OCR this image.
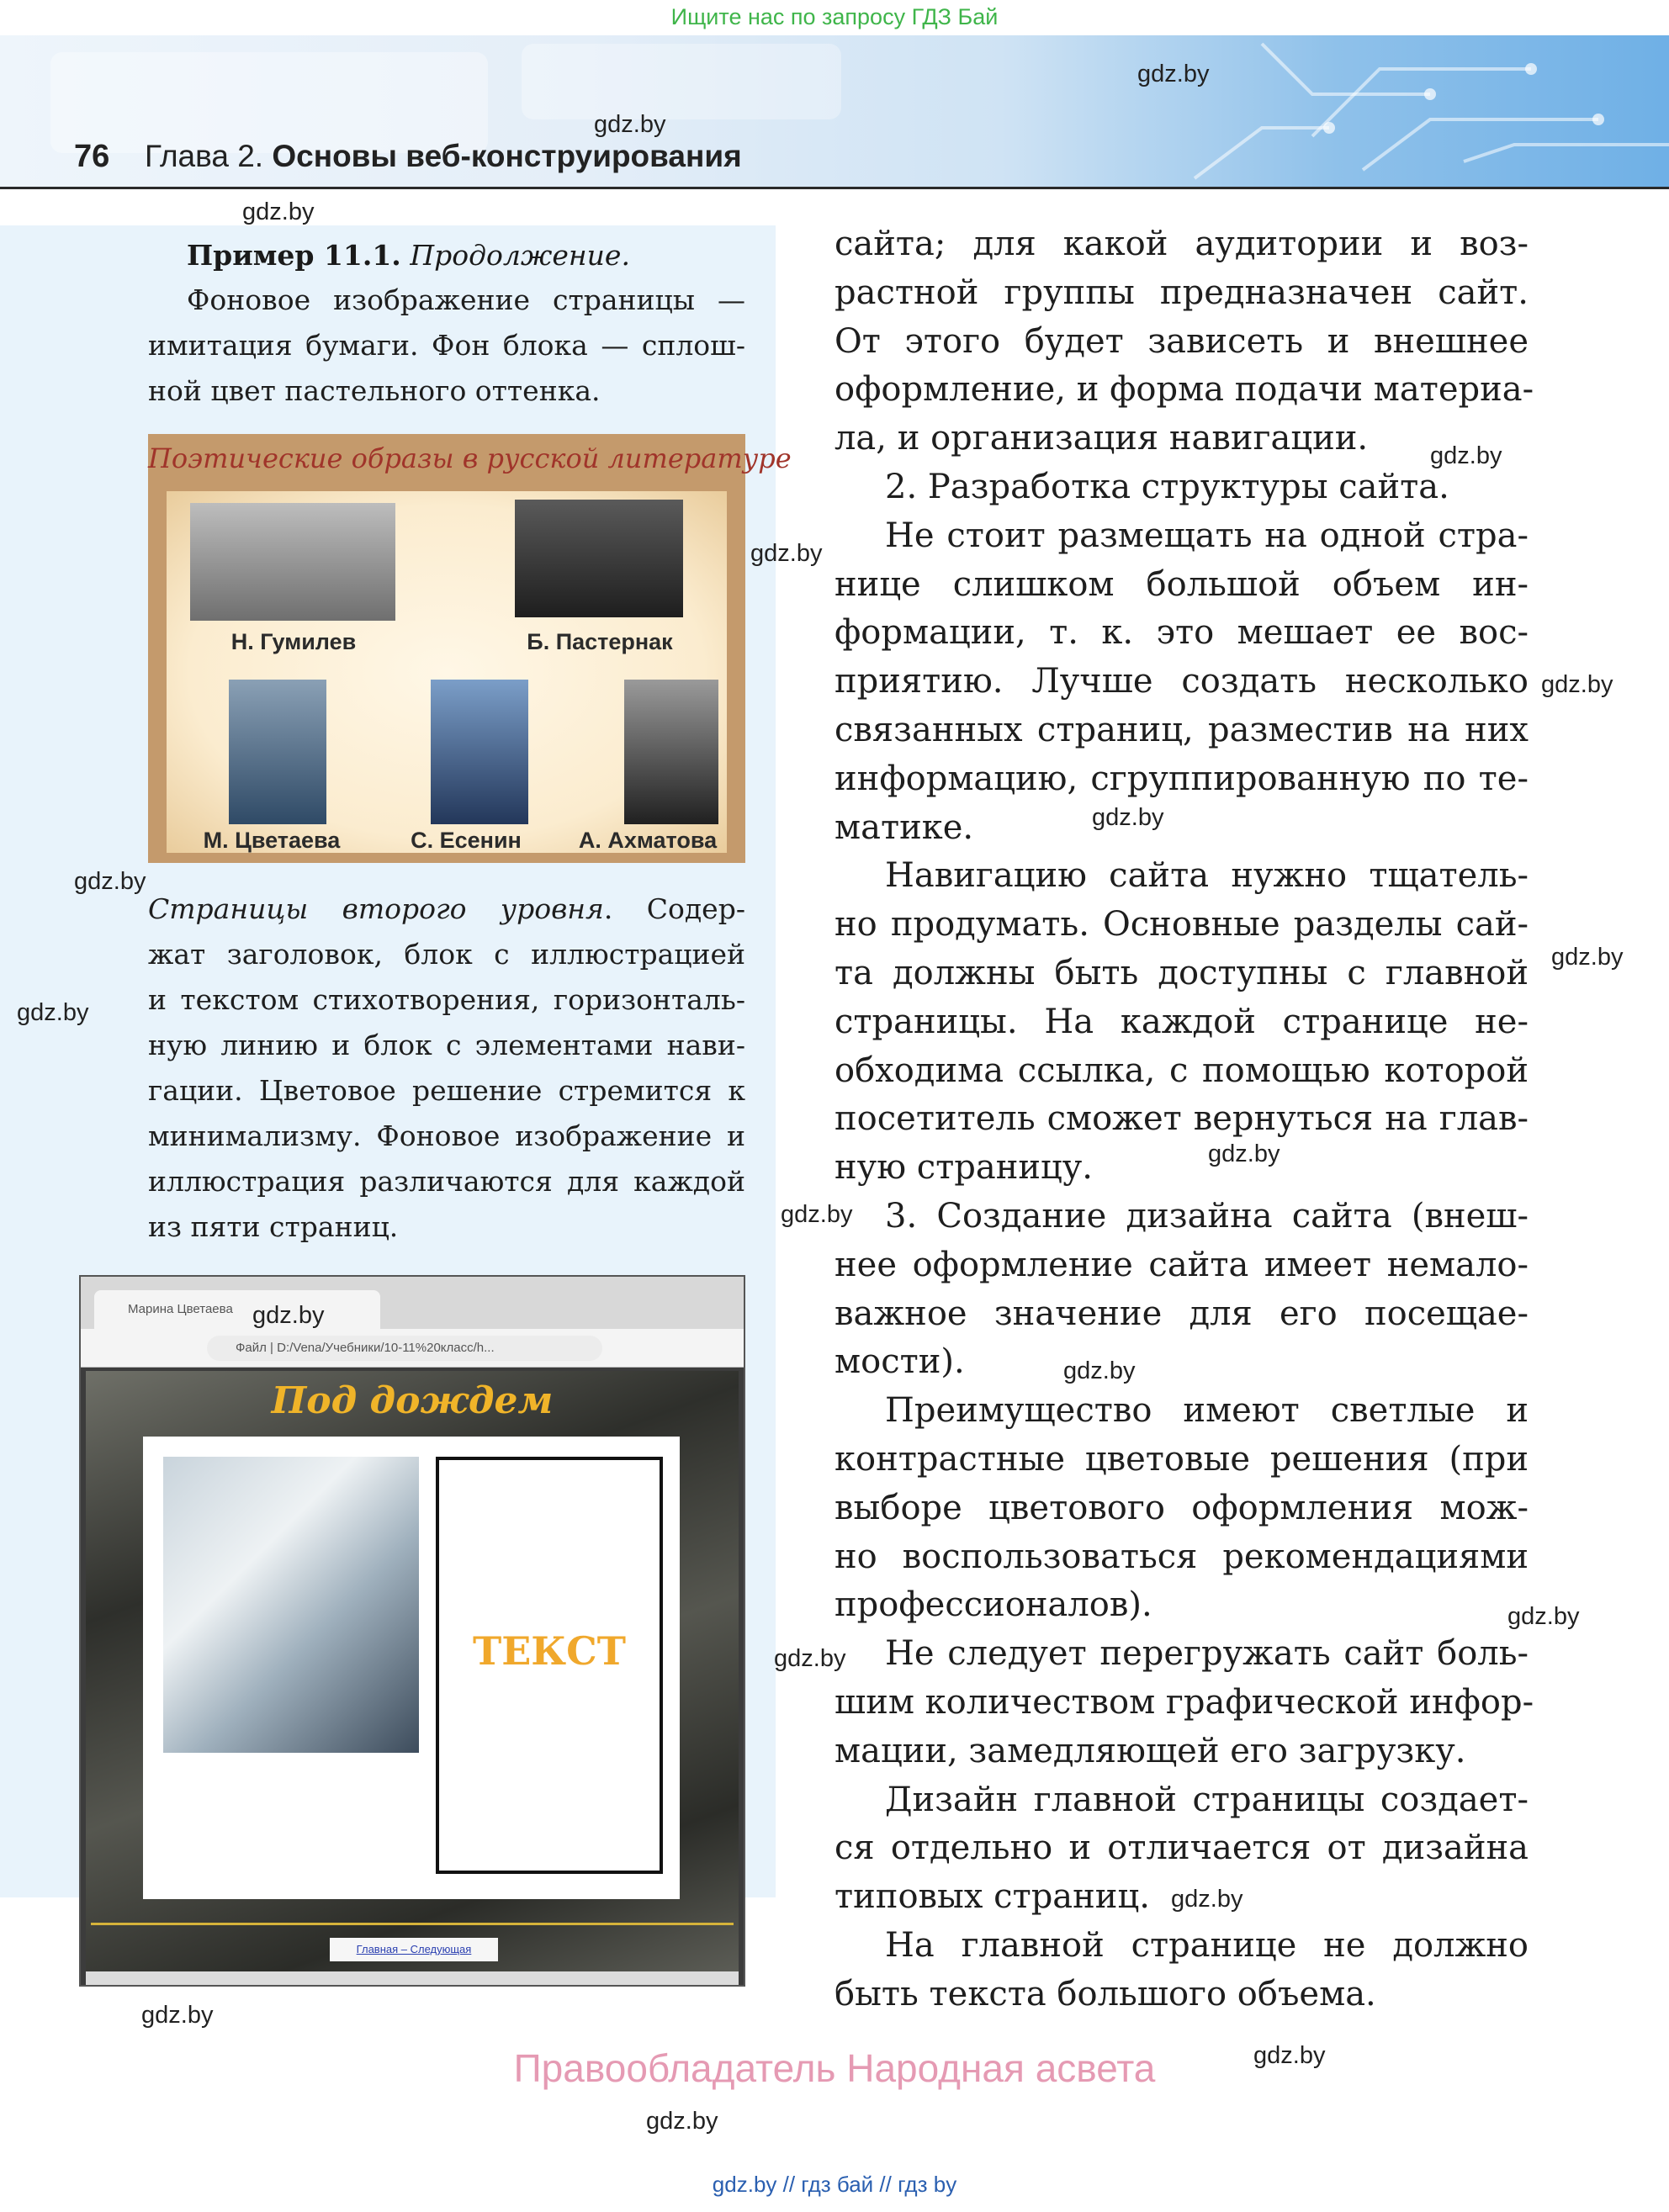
Ищите нас по запросу ГДЗ Бай
76 Глава 2. Основы веб-конструирования
Пример 11.1. Продолжение.
Фоновое изображение страницы —
имитация бумаги. Фон блока — сплош-
ной цвет пастельного оттенка.
Поэтические образы в русской литературе
Н. Гумилев	Б. Пастернак
М. Цветаева	С. Есенин	А. Ахматова
Страницы второго уровня. Содер-
жат заголовок, блок с иллюстрацией
и текстом стихотворения, горизонталь-
ную линию и блок с элементами нави-
гации. Цветовое решение стремится к
минимализму. Фоновое изображение и
иллюстрация различаются для каждой
из пяти страниц.
Марина Цветаева
Файл | D:/Vena/Учебники/10-11%20класс/h...
Под дождем
ТЕКСТ
Главная – Следующая
сайта; для какой аудитории и воз-
растной группы предназначен сайт.
От этого будет зависеть и внешнее
оформление, и форма подачи материа-
ла, и организация навигации.
2. Разработка структуры сайта.
Не стоит размещать на одной стра-
нице слишком большой объем ин-
формации, т. к. это мешает ее вос-
приятию. Лучше создать несколько
связанных страниц, разместив на них
информацию, сгруппированную по те-
матике.
Навигацию сайта нужно тщатель-
но продумать. Основные разделы сай-
та должны быть доступны с главной
страницы. На каждой странице не-
обходима ссылка, с помощью которой
посетитель сможет вернуться на глав-
ную страницу.
3. Создание дизайна сайта (внеш-
нее оформление сайта имеет немало-
важное значение для его посещае-
мости).
Преимущество имеют светлые и
контрастные цветовые решения (при
выборе цветового оформления мож-
но воспользоваться рекомендациями
профессионалов).
Не следует перегружать сайт боль-
шим количеством графической инфор-
мации, замедляющей его загрузку.
Дизайн главной страницы создает-
ся отдельно и отличается от дизайна
типовых страниц.
На главной странице не должно
быть текста большого объема.
gdz.by
gdz.by
gdz.by
gdz.by
gdz.by
gdz.by
gdz.by
gdz.by
gdz.by
gdz.by
gdz.by
gdz.by
gdz.by
gdz.by
gdz.by
gdz.by
gdz.by
gdz.by
gdz.by
gdz.by
Правообладатель Народная асвета
gdz.by // гдз бай // гдз by
